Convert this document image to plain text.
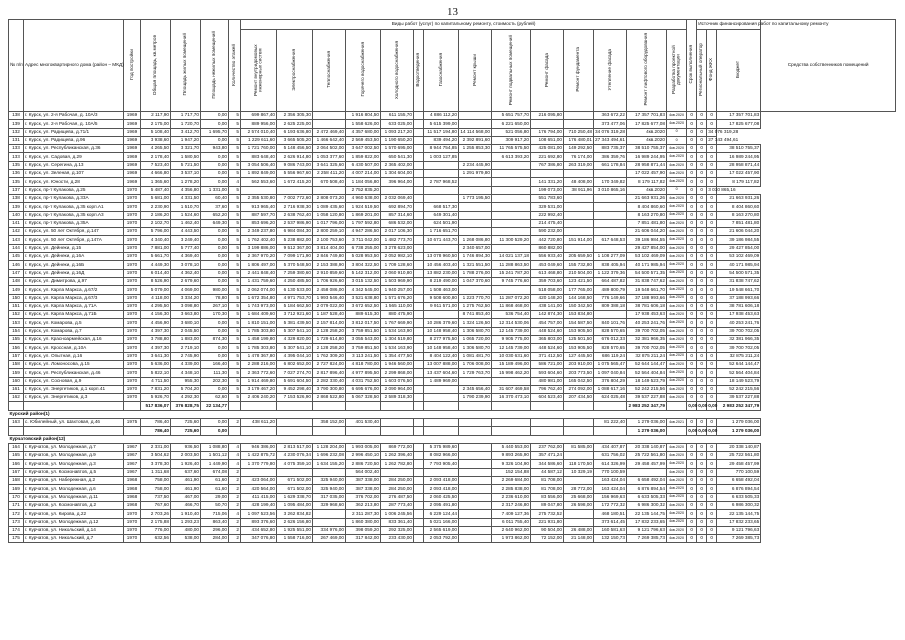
13
№ п/п	Адрес многоквартирного дома (район – МКД)	Год постройки	Общая площадь, кв.метров	Площадь жилых помещений	Площадь нежилых помещений	Количество этажей	Виды работ (услуг) по капитальному ремонту, стоимость (рублей)														Срок выполнения	Источник финансирования работ по капитальному ремонту			Средства собственников помещений
							Ремонт внутридомовых инженерных систем	Электроснабжения	Теплоснабжения	Горячего водоснабжения	Холодного водоснабжения	Водоотведения	Газоснабжения	Ремонт крыши	Ремонт подвальных помещений	Ремонт фасада	Ремонт фундамента	Утепление фасада	Ремонт лифтового оборудования	Разработка проектной документации		Региональный оператор	Фонд ЖКХ	Бюджет	
138	г. Курск, ул. 2-я Рабочая, д. 10А/3	1969	2 117,90	1 717,70	0,00	5	699 867,40	2 356 305,30		1 916 804,50	611 155,70		4 886 112,20		5 651 757,70	216 095,80		363 672,22	17 357 701,83	4кв.2020	0	0	0	17 357 701,83	
139	г. Курск, ул. 2-я Рабочая, д. 10А/5	1969	2 175,00	1 720,70	0,00	5	889 956,00	2 625 225,00		1 558 626,00	633 025,00		5 615 399,00		6 221 650,00			373 477,06	17 825 677,08	4кв.2020	0	0	0	17 825 677,08	
132	г. Курск, ул. Радищева, д.71/1	1969	5 108,40	3 412,70	1 695,70	5	2 574 010,40	6 193 636,80	2 472 469,40	4 357 680,00	1 093 217,20		11 517 194,80	14 114 568,00	521 056,80	176 794,00	710 250,48	34 076 319,28	4кв.2020	0	0	0	34 076 319,28		
131	г. Курск, ул. Радищева, д.96	1969	3 938,60	1 947,20	0,00	5	1 229 611,60	3 665 505,20	1 466 642,40	2 569 453,50	1 190 650,20		839 494,20	2 392 891,60	309 917,20	108 651,00	176 480,01	27 343 494,61	4кв.2020	0	0	0	27 343 494,61		
133	г. Курск, ул. Республиканская, д.36	1969	4 265,50	3 321,70	943,80	5	1 721 760,00	5 148 456,50	2 064 502,00	3 647 002,50	1 570 695,00		8 944 754,85	1 255 853,30	11 765 575,50	425 081,00	149 292,50	883 735,37	38 510 755,37	4кв.2020	0	0	0	38 510 755,37	
133	г. Курск, ул. Садовая, д.29	1969	2 178,40	1 580,50	0,00	5	883 648,40	2 626 914,80	1 053 377,60	1 859 822,00	650 541,30		1 003 127,85		6 613 393,20	221 692,80	76 174,00	386 359,76	16 989 244,95	4кв.2020	0	0	0	16 989 244,95	
135	г. Курск, ул. Серегина, д.13	1969	7 523,40	5 721,50	0,00	5	3 054 506,40	9 086 743,00	3 641 325,60	6 430 507,00	2 365 402,00			2 234 445,90		767 386,80	263 319,00	661 178,84	28 958 871,44	4кв.2020	0	0	0	28 958 871,44	
136	г. Курск, ул. Зеленая, д.107	1969	4 666,80	3 537,10	0,00	5	1 892 849,00	5 556 967,60	2 258 411,20	4 007 214,00	1 304 604,00			1 291 979,80					17 022 457,90	4кв.2020	0	0	0	17 022 457,90	
135	г. Курск, ул. Юности, д.28	1969	1 365,60	1 278,20	0,00	4	562 553,60	1 672 415,20	670 508,40	1 184 056,80	396 964,00		2 787 968,52			141 331,20	48 408,00	170 349,82	8 179 117,82	4кв.2020	0	0	0	8 179 117,82	
137	г. Курск, пр-т Кулакова, д.25	1970	5 487,40	4 356,80	1 331,00	5				2 752 835,20						199 073,00	38 911,96	3 010 865,16	4кв.2020	0	0	0	3 010 865,16		
138	г. Курск, пр-т Кулакова, д.33А	1970	5 681,00	4 331,50	60,40	5	2 355 530,80	7 002 772,60	2 808 073,20	4 960 538,00	2 032 069,40			1 773 195,50		551 783,60			21 663 931,26	4кв.2020	0	0	0	21 663 931,26	
139	г. Курск, пр-т Кулакова, д.35 корп.А1	1970	2 230,90	1 510,70	37,60	5	913 965,40	2 716 938,30	1 089 435,60	1 924 519,50	692 894,70		668 517,30			329 531,00			8 404 860,60	4кв.2020	0	0	0	8 404 860,60	
140	г. Курск, пр-т Кулакова, д.35 корп.А3	1970	2 186,20	1 524,60	652,20	5	887 597,70	2 638 762,40	1 058 120,80	1 869 201,00	857 314,60		649 301,40			222 992,40			8 163 270,80	4кв.2020	0	0	0	8 163 270,80	
141	г. Курск, пр-т Кулакова, д.35А	1970	2 102,70	1 462,40	649,30	5	853 696,20	2 537 986,90	1 017 796,00	1 797 592,80	686 532,00		624 501,90			214 475,40			7 851 481,80	4кв.2020	0	0	0	7 851 481,80	
142	г. Курск, ул. 50 лет Октября, д.147	1970	5 796,00	4 443,50	0,00	5	2 349 237,80	6 984 084,30	2 800 259,10	4 947 286,50	2 017 106,30		1 716 651,70			590 232,00			21 606 044,20	4кв.2020	0	0	0	21 606 044,20	
143	г. Курск, ул. 50 лет Октября, д.147А	1970	4 340,40	3 249,40	0,00	5	1 762 402,40	5 238 882,00	2 100 753,60	3 711 042,00	1 482 773,70		10 671 443,70	1 268 086,80	11 300 529,20	442 720,80	151 914,00	617 648,53	39 186 984,55	4кв.2020	0	0	0	39 186 984,55	
144	г. Курск, ул. Дейнеки, д.15	1970	7 881,00	5 777,40	0,00	5	3 199 886,00	9 512 367,00	3 814 404,00	6 738 255,00	3 278 623,00			2 340 657,00		860 882,00			29 427 854,00	4кв.2020	0	0	0	29 427 854,00	
145	г. Курск, ул. Дейнеки, д.16А	1970	5 661,70	4 369,40	0,00	5	2 367 970,20	7 099 171,90	2 846 749,80	5 028 953,50	2 052 982,10		13 078 960,50	1 746 894,30	14 021 137,18	556 933,40	205 659,50	1 108 277,09	53 102 469,09	4кв.2020	0	0	0	53 102 469,09	
146	г. Курск, ул. Дейнеки, д.16Б	1970	4 449,30	3 078,10	0,00	5	1 806 497,00	5 370 548,50	2 153 388,90	3 804 322,50	1 709 128,60		10 456 403,40	1 321 551,50	11 288 863,50	453 049,60	155 732,80	838 405,94	40 171 985,94	4кв.2020	0	0	0	40 171 985,94	
147	г. Курск, ул. Дейнеки, д.16Д	1970	6 014,40	4 362,40	0,00	5	2 441 848,40	7 259 380,60	2 910 859,60	5 142 312,00	2 060 910,80		13 882 230,00	1 788 276,00	15 241 787,20	613 468,80	210 504,00	1 122 379,36	54 500 571,35	4кв.2020	0	0	0	54 500 571,35	
148	г. Курск, ул. Димитрова, д.97	1970	8 526,90	2 679,60	0,00	5	1 431 759,60	4 250 485,50	1 706 926,60	3 015 132,50	1 503 969,90		8 219 490,00	1 047 370,60	9 745 776,60	359 703,60	123 421,50	664 487,82	31 838 747,62	4кв.2020	0	0	0	31 838 747,62	
149	г. Курск, ул. Карла Маркса, д.67/2	1970	5 079,00	4 069,00	980,00	5	2 062 074,00	6 130 533,00	2 458 086,00	4 342 545,00	1 940 257,00		1 508 463,00			518 058,00	177 765,00	489 800,79	19 548 661,70	4кв.2020	0	0	0	19 548 661,70	
150	г. Курск, ул. Карла Маркса, д.67/3	1970	4 118,00	3 334,20	78,80	5	1 672 354,80	4 971 753,70	1 993 546,40	3 521 638,80	1 571 676,20		9 508 600,80	1 223 770,70	11 287 072,20	420 148,20	144 168,50	776 149,66	37 188 993,66	4кв.2020	0	0	0	37 188 993,66	
151	г. Курск, ул. Карла Маркса, д.71А	1970	4 295,50	3 098,80	267,10	5	1 743 973,00	5 184 662,50	2 079 022,00	3 672 652,50	1 565 110,00		9 911 571,00	1 275 762,50	11 868 468,00	438 141,00	150 342,50	809 388,18	38 781 606,18	4кв.2020	0	0	0	38 781 606,18	
152	г. Курск, ул. Карла Маркса, д.71Б	1970	4 156,30	3 663,80	170,30	5	1 684 409,60	3 712 921,60	1 187 528,40	889 615,30	880 475,90			8 741 853,40	536 754,40	142 874,30	153 834,80		17 938 453,63	4кв.2020	0	0	0	17 938 453,63	
153	г. Курск, ул. Комарова, д.5	1970	4 456,90	3 680,10	0,00	5	1 810 151,00	5 381 439,50	2 157 814,00	3 812 017,50	1 767 669,90		10 286 379,60	1 324 126,50	12 314 530,06	454 757,00	154 587,50	840 101,76	40 253 241,76	4кв.2020	0	0	0	40 253 241,76	
154	г. Курск, ул. Комарова, д.7	1970	4 397,30	2 045,50	0,00	5	1 785 303,80	5 307 541,10	2 128 258,20	3 759 851,50	1 534 163,90		10 148 958,40	1 306 580,70	12 145 739,00	448 524,60	153 905,50	828 570,65	39 700 702,05	4кв.2020	0	0	0	39 700 702,05	
155	г. Курск, ул. Красноармейская, д.16	1970	3 788,80	1 883,00	874,30	5	1 458 199,80	4 329 820,00	1 729 614,80	3 055 543,00	1 304 519,80		8 277 975,50	1 065 720,00	9 905 775,00	365 803,00	125 501,50	676 012,33	32 381 966,35	4кв.2020	0	0	0	32 381 966,35	
156	г. Курск, ул. Кроссная, д.10А	1970	4 397,30	2 719,10	0,00	5	1 785 303,80	5 307 541,10	2 128 258,20	3 759 851,50	1 534 163,90		10 148 958,40	1 306 580,70	12 145 739,00	448 524,60	153 905,50	828 570,65	39 700 702,05	4кв.2020	0	0	0	39 700 702,05	
157	г. Курск, ул. Опытная, д.16	1970	3 641,30	2 745,90	0,00	5	1 478 367,80	4 395 044,10	1 762 309,20	3 113 241,50	1 354 477,50		8 404 122,40	1 081 481,70	10 030 631,60	371 412,50	127 445,50	686 119,24	32 875 211,24	4кв.2020	0	0	0	32 875 211,24	
158	г. Курск, ул. Ломоносова, д.15	1970	5 636,00	4 339,00	166,40	5	2 288 216,00	6 802 652,00	2 727 824,00	4 818 780,00	1 946 560,00		13 007 888,00	1 706 008,00	15 189 496,00	586 721,00	203 910,00	1 075 565,47	52 644 144,47	4кв.2020	0	0	0	52 644 144,47	
159	г. Курск, ул. Республиканская, д.46	1970	5 822,10	4 348,10	111,30	5	2 363 772,60	7 027 274,70	2 817 896,40	4 977 895,50	2 299 868,00		13 437 604,60	1 729 763,70	15 998 462,20	593 604,60	203 773,50	1 097 040,84	52 564 404,84	4кв.2020	0	0	0	52 564 404,84	
160	г. Курск, ул. Сосновая, д.9	1970	4 711,50	955,30	202,30	5	1 914 469,80	5 691 604,50	2 282 330,40	4 031 752,50	1 603 076,50		1 489 969,00			480 981,00	165 042,50	376 804,29	18 149 523,79	4кв.2020	0	0	0	18 149 523,79	
161	г. Курск, ул. Энергетиков, д.1 корп.41	1970	7 831,20	5 704,20	0,00	5	3 179 467,20	9 452 298,40	3 790 300,80	6 695 676,00	2 090 964,00			2 345 656,40	31 607 469,58	796 762,40	274 092,00	1 088 617,16	52 242 215,56	4кв.2020	0	0	0	52 242 215,56	
162	г. Курск, ул. Энергетиков, д.3	1970	5 926,70	4 292,30	62,60	5	2 406 240,20	7 153 526,90	2 868 522,80	5 067 328,50	2 589 318,30			1 790 239,90	16 370 473,10	604 523,40	207 434,50	624 025,48	39 537 227,88	4кв.2020	0	0	0	39 537 227,88	
			517 836,07	376 828,75	22 134,77														2 983 252 347,79		0,00	0,00	0,00	2 983 252 347,79	
Курский район(1)																									
163	с. Юбилейный, ул. Шахтовая, д.46	1975	786,40	725,60	0,00	2	438 611,20		358 152,00	401 530,40								81 222,40	1 279 036,00	4кв.2021	0	0	0	1 279 036,00	
			786,40	725,60	0,00														1 279 036,00		0,00	0,00	0,00	1 279 036,00	
Курчатовский район(12)																									
164	г. Курчатов, ул. Молодежная, д.7	1967	2 331,00	936,50	1 088,80	4	946 386,00	2 813 517,00	1 128 204,00	1 993 005,00	869 772,00		5 375 989,60		5 440 553,00	237 762,00	81 585,00	434 407,87	20 338 140,87	4кв.2020	0	0	0	20 338 140,87	
165	г. Курчатов, ул. Молодежная, д.9	1967	3 504,62	2 003,50	1 501,12	4	1 422 875,72	4 230 076,34	1 696 232,08	2 996 450,10	1 262 396,40		8 082 966,00		9 893 265,90	357 471,24		631 756,02	25 722 561,80	4кв.2020	0	0	0	25 722 561,80	
166	г. Курчатов, ул. Молодежная, д.3	1967	3 378,30	1 926,40	1 449,90	4	1 370 779,80	4 075 359,10	1 634 155,20	2 886 720,50	1 262 782,80		7 793 905,40		9 326 104,90	344 586,60	118 170,50	614 326,99	29 458 457,99	4кв.2020	0	0	0	29 458 457,99	
167	г. Курчатов, ул. Космонавтов, д.5	1967	1 311,68	637,60	674,08	2				564 002,40					152 154,88	44 587,12	10 329,19	770 100,59		4кв.2020	0	0	0	770 100,59	
168	г. Курчатов, ул. Набережная, д.2	1968	758,00	461,90	61,60	2	423 064,00	671 502,00	325 940,00	387 338,00	284 250,00		2 093 418,00		2 269 684,00	81 708,00		163 424,04	6 658 492,04	4кв.2020	0	0	0	6 658 492,04	
169	г. Курчатов, ул. Молодежная, д.6	1968	758,00	461,90	61,60	2	420 564,00	671 502,00	325 940,00	387 338,00	284 250,00		2 093 418,00		2 285 838,00	81 708,00	28 772,00	163 424,04	6 876 894,54	4кв.2020	0	0	0	6 876 894,54	
170	г. Курчатов, ул. Молодежная, д.11	1968	737,50	467,00	29,00	2	411 415,00	1 629 338,70	317 035,00	376 702,00	276 487,50		2 060 425,50		2 236 610,00	83 556,00	25 668,00	156 969,63	6 633 505,33	4кв.2020	0	0	0	6 633 505,33	
171	г. Курчатов, ул. Космонавтов, д.2	1968	767,60	466,70	50,70	2	428 199,40	1 095 484,00	329 968,60	362 213,80	287 773,40		2 095 491,80		2 317 246,80	89 047,80	26 598,00	172 772,32	6 986 300,32	4кв.2020	0	0	0	6 986 300,32	
172	г. Курчатов, ул. Кирова, д.22	1970	2 703,26	1 910,40	715,06	4	1 097 523,56	3 262 834,82		2 311 287,30	1 006 245,56		6 229 124,44		7 409 127,36	275 732,52		468 180,51	22 135 144,75	4кв.2020	0	0	0	22 135 144,75	
173	г. Курчатов, ул. Молодежная, д.12	1970	2 175,88	1 293,23	863,40	2	893 376,60	2 626 156,80		1 860 380,00	833 361,40		5 021 166,00		6 011 755,40	221 931,80		373 614,45	17 832 233,65	4кв.2020	0	0	0	17 832 233,65	
174	г. Курчатов, ул. Никольский, д.14	1970	776,00	480,00	296,00	2	434 652,80	1 925 551,00	334 976,00	398 059,20	292 325,00		2 565 619,00		2 640 962,00	90 504,00	26 488,00	160 581,63	9 121 796,63	4кв.2020	0	0	0	9 121 796,63	
175	г. Курчатов, ул. Никольский, д.7	1970	632,56	538,00	284,00	2	347 076,80	1 558 716,00	267 469,00	317 842,00	233 430,00		2 053 792,00		1 973 862,00	72 152,00	21 148,00	132 150,73	7 269 385,73	4кв.2020	0	0	0	7 269 385,73	
